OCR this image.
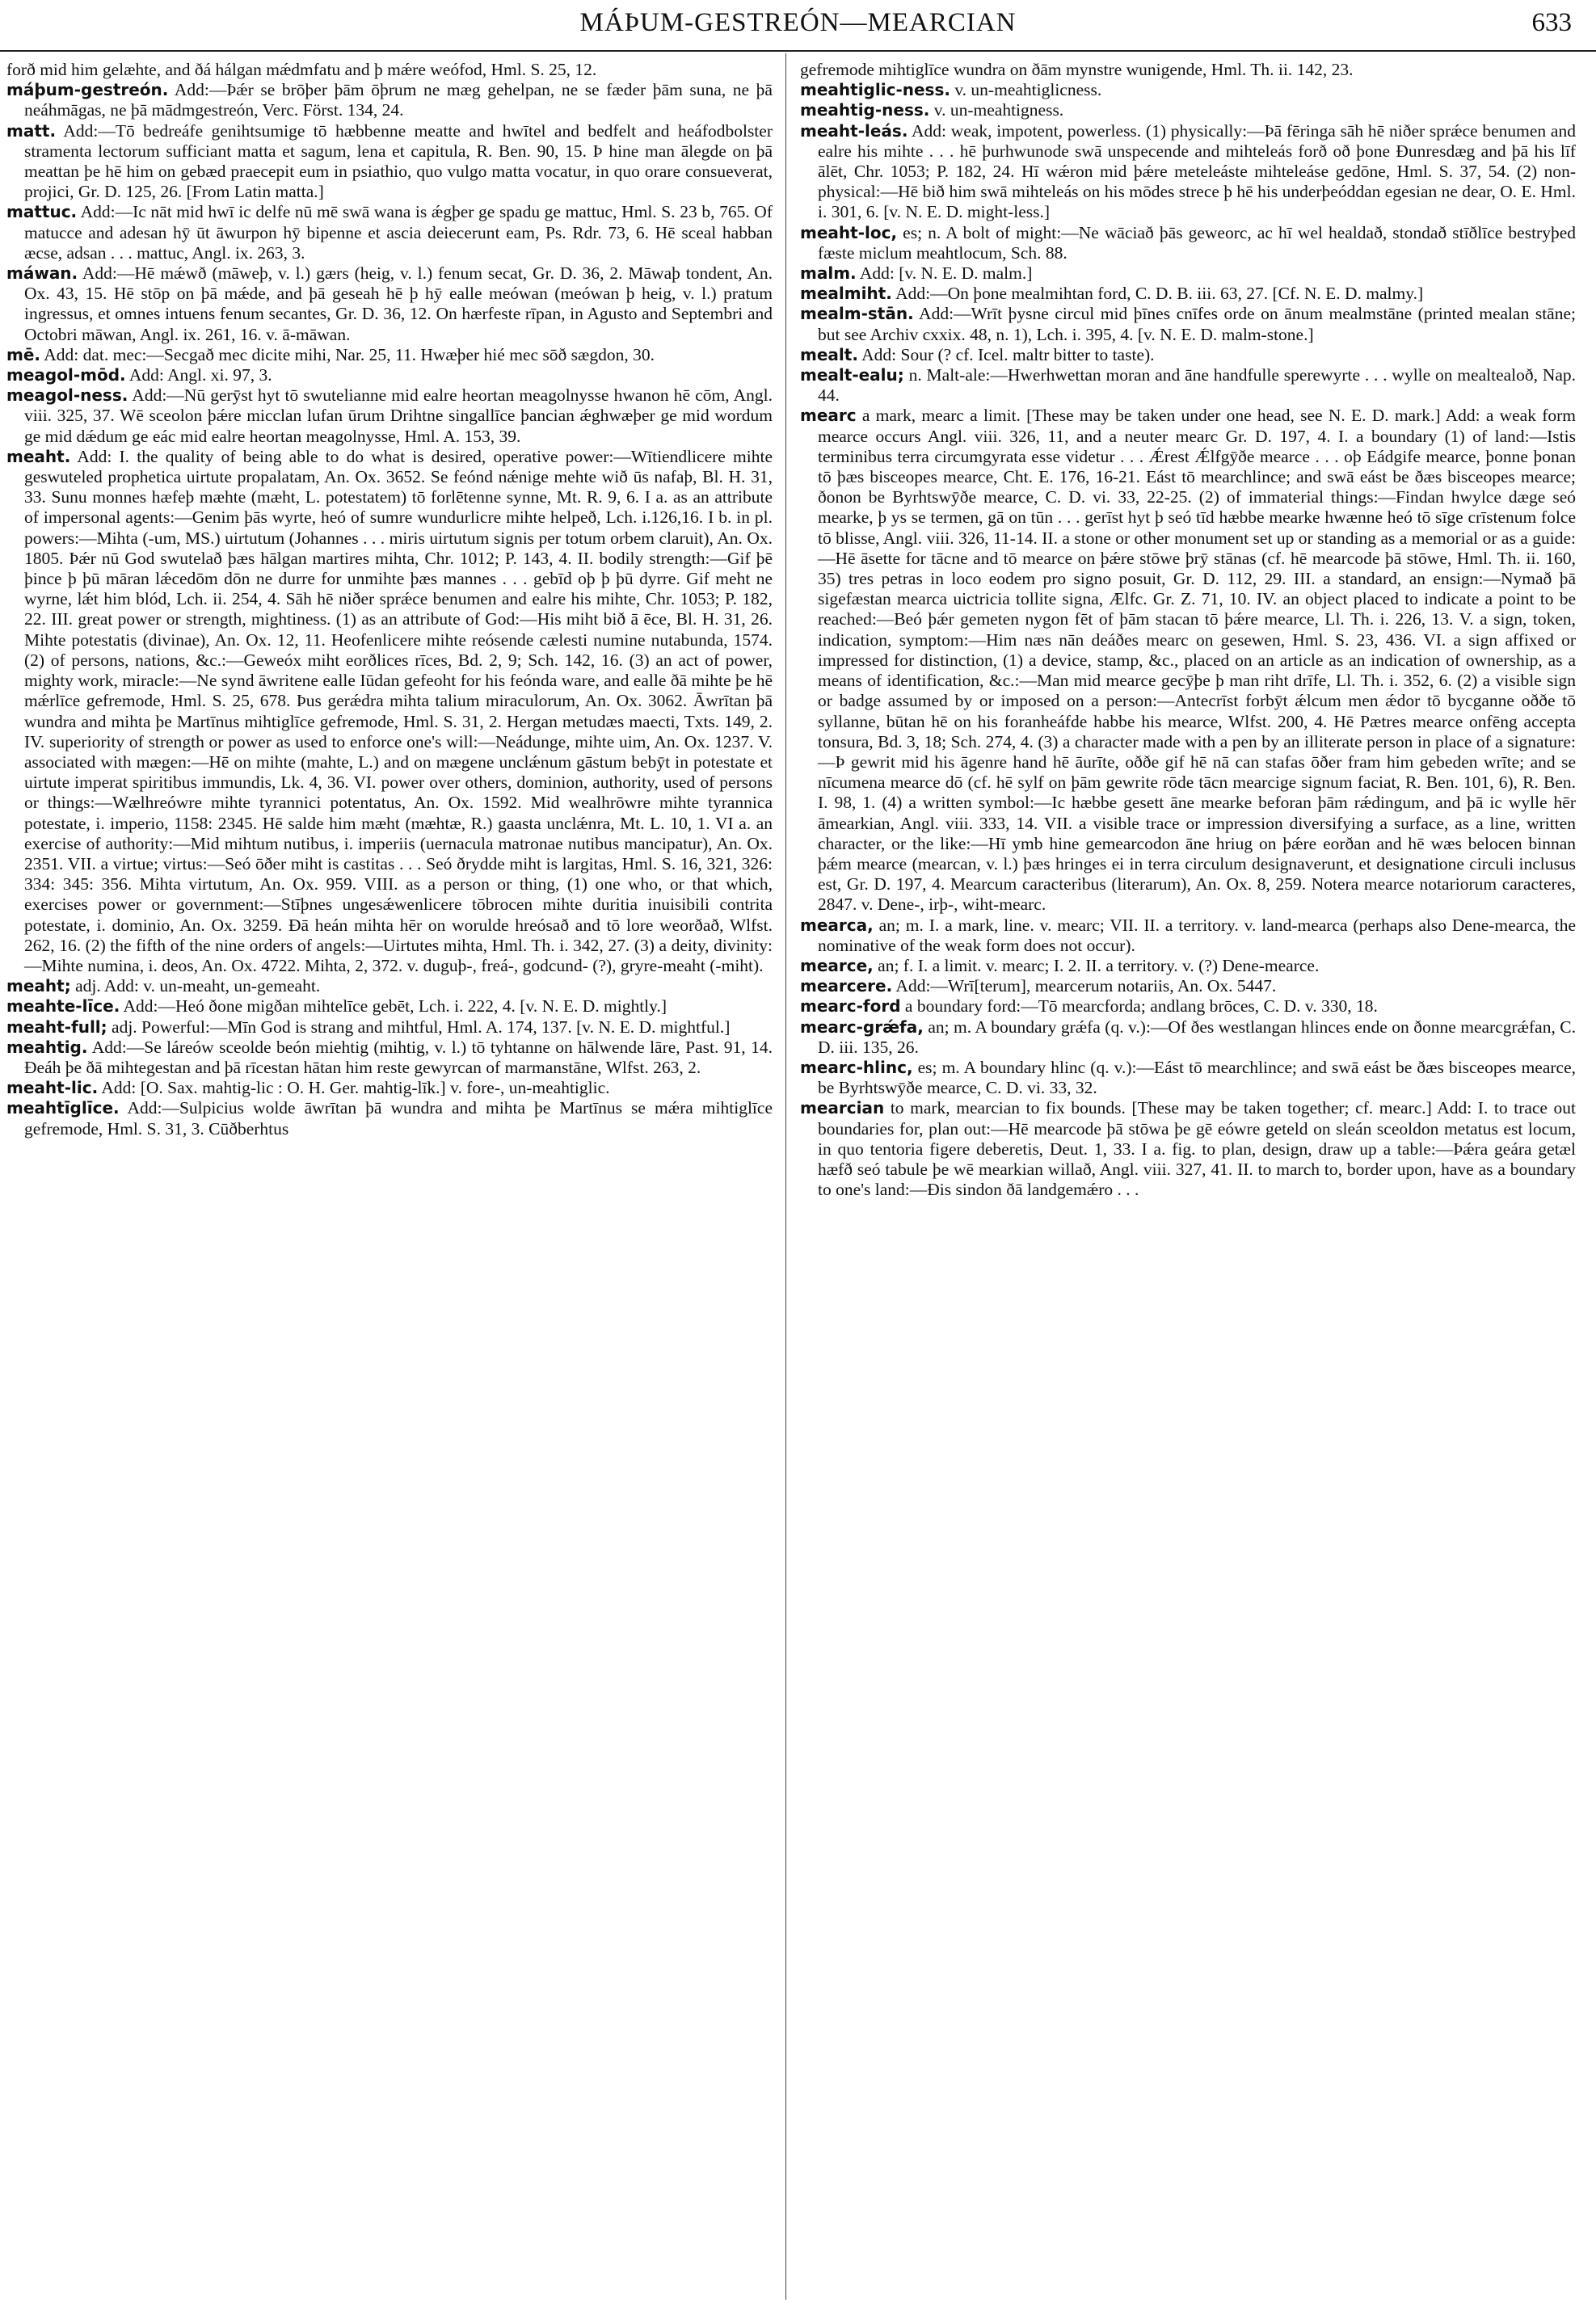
MÁÞUM-GESTREÓN—MEARCIAN	633

forð mid him gelæhte, and ðá hálgan mǽdmfatu and þ mǽre weófod, Hml. S. 25, 12.

máþum-gestreón. Add:—Þǽr se brōþer þām ōþrum ne mæg gehelpan, ne se fæder þām suna, ne þā neáhmāgas, ne þā mādmgestreón, Verc. Först. 134, 24.

matt. Add:—Tō bedreáfe genihtsumige tō hæbbenne meatte and hwītel and bedfelt and heáfodbolster stramenta lectorum sufficiant matta et sagum, lena et capitula, R. Ben. 90, 15. Þ hine man ālegde on þā meattan þe hē him on gebæd praecepit eum in psiathio, quo vulgo matta vocatur, in quo orare consueverat, projici, Gr. D. 125, 26. [From Latin matta.]

mattuc. Add:—Ic nāt mid hwī ic delfe nū mē swā wana is ǽgþer ge spadu ge mattuc, Hml. S. 23 b, 765. Of matucce and adesan hȳ ūt āwurpon hȳ bipenne et ascia deiecerunt eam, Ps. Rdr. 73, 6. Hē sceal habban æcse, adsan . . . mattuc, Angl. ix. 263, 3.

máwan. Add:—Hē mǽwð (māweþ, v. l.) gærs (heig, v. l.) fenum secat, Gr. D. 36, 2. Māwaþ tondent, An. Ox. 43, 15. Hē stōp on þā mǽde, and þā geseah hē þ hȳ ealle meówan (meówan þ heig, v. l.) pratum ingressus, et omnes intuens fenum secantes, Gr. D. 36, 12. On hærfeste rīpan, in Agusto and Septembri and Octobri māwan, Angl. ix. 261, 16. v. ā-māwan.

mē. Add: dat. mec:—Secgað mec dicite mihi, Nar. 25, 11. Hwæþer hié mec sōð sægdon, 30.

meagol-mōd. Add: Angl. xi. 97, 3.

meagol-ness. Add:—Nū gerȳst hyt tō swutelianne mid ealre heortan meagolnysse hwanon hē cōm, Angl. viii. 325, 37. Wē sceolon þǽre micclan lufan ūrum Drihtne singallīce þancian ǽghwæþer ge mid wordum ge mid dǽdum ge eác mid ealre heortan meagolnysse, Hml. A. 153, 39.

meaht. Add: I. the quality of being able to do what is desired, operative power:—Wītiendlicere mihte geswuteled prophetica uirtute propalatam, An. Ox. 3652. Se feónd nǽnige mehte wið ūs nafaþ, Bl. H. 31, 33. Sunu monnes hæfeþ mæhte (mæht, L. potestatem) tō forlētenne synne, Mt. R. 9, 6. I a. as an attribute of impersonal agents:—Genim þās wyrte, heó of sumre wundurlicre mihte helpeð, Lch. i.126,16. I b. in pl. powers:—Mihta (-um, MS.) uirtutum (Johannes . . . miris uirtutum signis per totum orbem claruit), An. Ox. 1805. Þǽr nū God swutelað þæs hālgan martires mihta, Chr. 1012; P. 143, 4. II. bodily strength:—Gif þē þince þ þū māran lǽcedōm dōn ne durre for unmihte þæs mannes . . . gebīd oþ þ þū dyrre. Gif meht ne wyrne, lǽt him blód, Lch. ii. 254, 4. Sāh hē niðer sprǽce benumen and ealre his mihte, Chr. 1053; P. 182, 22. III. great power or strength, mightiness. (1) as an attribute of God:—His miht bið ā ēce, Bl. H. 31, 26. Mihte potestatis (divinae), An. Ox. 12, 11. Heofenlicere mihte reósende cælesti numine nutabunda, 1574. (2) of persons, nations, &c.:—Geweóx miht eorðlices rīces, Bd. 2, 9; Sch. 142, 16. (3) an act of power, mighty work, miracle:—Ne synd āwritene ealle Iūdan gefeoht for his feónda ware, and ealle ðā mihte þe hē mǽrlīce gefremode, Hml. S. 25, 678. Þus gerǽdra mihta talium miraculorum, An. Ox. 3062. Āwrītan þā wundra and mihta þe Martīnus mihtiglīce gefremode, Hml. S. 31, 2. Hergan metudæs maecti, Txts. 149, 2. IV. superiority of strength or power as used to enforce one's will:—Neádunge, mihte uim, An. Ox. 1237. V. associated with mægen:—Hē on mihte (mahte, L.) and on mægene unclǽnum gāstum bebȳt in potestate et uirtute imperat spiritibus immundis, Lk. 4, 36. VI. power over others, dominion, authority, used of persons or things:—Wælhreówre mihte tyrannici potentatus, An. Ox. 1592. Mid wealhrōwre mihte tyrannica potestate, i. imperio, 1158: 2345. Hē salde him mæht (mæhtæ, R.) gaasta unclǽnra, Mt. L. 10, 1. VI a. an exercise of authority:—Mid mihtum nutibus, i. imperiis (uernacula matronae nutibus mancipatur), An. Ox. 2351. VII. a virtue; virtus:—Seó ōðer miht is castitas . . . Seó ðrydde miht is largitas, Hml. S. 16, 321, 326: 334: 345: 356. Mihta virtutum, An. Ox. 959. VIII. as a person or thing, (1) one who, or that which, exercises power or government:—Stīþnes ungesǽwenlicere tōbrocen mihte duritia inuisibili contrita potestate, i. dominio, An. Ox. 3259. Ðā heán mihta hēr on worulde hreósað and tō lore weorðað, Wlfst. 262, 16. (2) the fifth of the nine orders of angels:—Uirtutes mihta, Hml. Th. i. 342, 27. (3) a deity, divinity:—Mihte numina, i. deos, An. Ox. 4722. Mihta, 2, 372. v. duguþ-, freá-, godcund- (?), gryre-meaht (-miht).

meaht; adj. Add: v. un-meaht, un-gemeaht.

meahte-līce. Add:—Heó ðone migðan mihtelīce gebēt, Lch. i. 222, 4. [v. N. E. D. mightly.]

meaht-full; adj. Powerful:—Mīn God is strang and mihtful, Hml. A. 174, 137. [v. N. E. D. mightful.]

meahtig. Add:—Se láreów sceolde beón miehtig (mihtig, v. l.) tō tyhtanne on hālwende lāre, Past. 91, 14. Ðeáh þe ðā mihtegestan and þā rīcestan hātan him reste gewyrcan of marmanstāne, Wlfst. 263, 2.

meaht-lic. Add: [O. Sax. mahtig-lic : O. H. Ger. mahtig-līk.] v. fore-, un-meahtiglic.

meahtīglīce. Add:—Sulpicius wolde āwrītan þā wundra and mihta þe Martīnus se mǽra mihtiglīce gefremode, Hml. S. 31, 3. Cūðberhtus

gefremode mihtiglīce wundra on ðām mynstre wunigende, Hml. Th. ii. 142, 23.

meahtiglic-ness. v. un-meahtiglicness.

meahtig-ness. v. un-meahtigness.

meaht-leás. Add: weak, impotent, powerless. (1) physically:—Þā fēringa sāh hē niðer sprǽce benumen and ealre his mihte . . . hē þurhwunode swā unspecende and mihteleás forð oð þone Ðunresdæg and þā his līf ālēt, Chr. 1053; P. 182, 24. Hī wǽron mid þǽre meteleáste mihteleáse gedōne, Hml. S. 37, 54. (2) non-physical:—Hē bið him swā mihteleás on his mōdes strece þ hē his underþeóddan egesian ne dear, O. E. Hml. i. 301, 6. [v. N. E. D. might-less.]

meaht-loc, es; n. A bolt of might:—Ne wāciað þās geweorc, ac hī wel healdað, stondað stīðlīce bestryþed fæste miclum meahtlocum, Sch. 88.

malm. Add: [v. N. E. D. malm.]

mealmiht. Add:—On þone mealmihtan ford, C. D. B. iii. 63, 27. [Cf. N. E. D. malmy.]

mealm-stān. Add:—Wrīt þysne circul mid þīnes cnīfes orde on ānum mealmstāne (printed mealan stāne; but see Archiv cxxix. 48, n. 1), Lch. i. 395, 4. [v. N. E. D. malm-stone.]

mealt. Add: Sour (? cf. Icel. maltr bitter to taste).

mealt-ealu; n. Malt-ale:—Hwerhwettan moran and āne handfulle sperewyrte . . . wylle on mealtealoð, Nap. 44.

mearc a mark, mearc a limit. [These may be taken under one head, see N. E. D. mark.] Add: a weak form mearce occurs Angl. viii. 326, 11, and a neuter mearc Gr. D. 197, 4. I. a boundary (1) of land:—Istis terminibus terra circumgyrata esse videtur . . . Ǽrest Ǽlfgȳðe mearce . . . oþ Eádgife mearce, þonne þonan tō þæs bisceopes mearce, Cht. E. 176, 16-21. Eást tō mearchlince; and swā eást be ðæs bisceopes mearce; ðonon be Byrhtswȳðe mearce, C. D. vi. 33, 22-25. (2) of immaterial things:—Findan hwylce dæge seó mearke, þ ys se termen, gā on tūn . . . gerīst hyt þ seó tīd hæbbe mearke hwænne heó tō sīge crīstenum folce tō blisse, Angl. viii. 326, 11-14. II. a stone or other monument set up or standing as a memorial or as a guide:—Hē āsette for tācne and tō mearce on þǽre stōwe þrȳ stānas (cf. hē mearcode þā stōwe, Hml. Th. ii. 160, 35) tres petras in loco eodem pro signo posuit, Gr. D. 112, 29. III. a standard, an ensign:—Nymað þā sigefæstan mearca uictricia tollite signa, Ælfc. Gr. Z. 71, 10. IV. an object placed to indicate a point to be reached:—Beó þǽr gemeten nygon fēt of þām stacan tō þǽre mearce, Ll. Th. i. 226, 13. V. a sign, token, indication, symptom:—Him næs nān deáðes mearc on gesewen, Hml. S. 23, 436. VI. a sign affixed or impressed for distinction, (1) a device, stamp, &c., placed on an article as an indication of ownership, as a means of identification, &c.:—Man mid mearce gecȳþe þ man riht drīfe, Ll. Th. i. 352, 6. (2) a visible sign or badge assumed by or imposed on a person:—Antecrīst forbȳt ǽlcum men ǽdor tō bycganne oððe tō syllanne, būtan hē on his foranheáfde habbe his mearce, Wlfst. 200, 4. Hē Pætres mearce onfēng accepta tonsura, Bd. 3, 18; Sch. 274, 4. (3) a character made with a pen by an illiterate person in place of a signature:—Þ gewrit mid his āgenre hand hē āurīte, oððe gif hē nā can stafas ōðer fram him gebeden wrīte; and se nīcumena mearce dō (cf. hē sylf on þām gewrite rōde tācn mearcige signum faciat, R. Ben. 101, 6), R. Ben. I. 98, 1. (4) a written symbol:—Ic hæbbe gesett āne mearke beforan þām rǽdingum, and þā ic wylle hēr āmearkian, Angl. viii. 333, 14. VII. a visible trace or impression diversifying a surface, as a line, written character, or the like:—Hī ymb hine gemearcodon āne hriug on þǽre eorðan and hē wæs belocen binnan þǽm mearce (mearcan, v. l.) þæs hringes ei in terra circulum designaverunt, et designatione circuli inclusus est, Gr. D. 197, 4. Mearcum caracteribus (literarum), An. Ox. 8, 259. Notera mearce notariorum caracteres, 2847. v. Dene-, irþ-, wiht-mearc.

mearca, an; m. I. a mark, line. v. mearc; VII. II. a territory. v. land-mearca (perhaps also Dene-mearca, the nominative of the weak form does not occur).

mearce, an; f. I. a limit. v. mearc; I. 2. II. a territory. v. (?) Dene-mearce.

mearcere. Add:—Wrī[terum], mearcerum notariis, An. Ox. 5447.

mearc-ford a boundary ford:—Tō mearcforda; andlang brōces, C. D. v. 330, 18.

mearc-grǽfa, an; m. A boundary grǽfa (q. v.):—Of ðes westlangan hlinces ende on ðonne mearcgrǽfan, C. D. iii. 135, 26.

mearc-hlinc, es; m. A boundary hlinc (q. v.):—Eást tō mearchlince; and swā eást be ðæs bisceopes mearce, be Byrhtswȳðe mearce, C. D. vi. 33, 32.

mearcian to mark, mearcian to fix bounds. [These may be taken together; cf. mearc.] Add: I. to trace out boundaries for, plan out:—Hē mearcode þā stōwa þe gē eówre geteld on sleán sceoldon metatus est locum, in quo tentoria figere deberetis, Deut. 1, 33. I a. fig. to plan, design, draw up a table:—Þǽra geára getæl hæfð seó tabule þe wē mearkian willað, Angl. viii. 327, 41. II. to march to, border upon, have as a boundary to one's land:—Ðis sindon ðā landgemǽro . . .
